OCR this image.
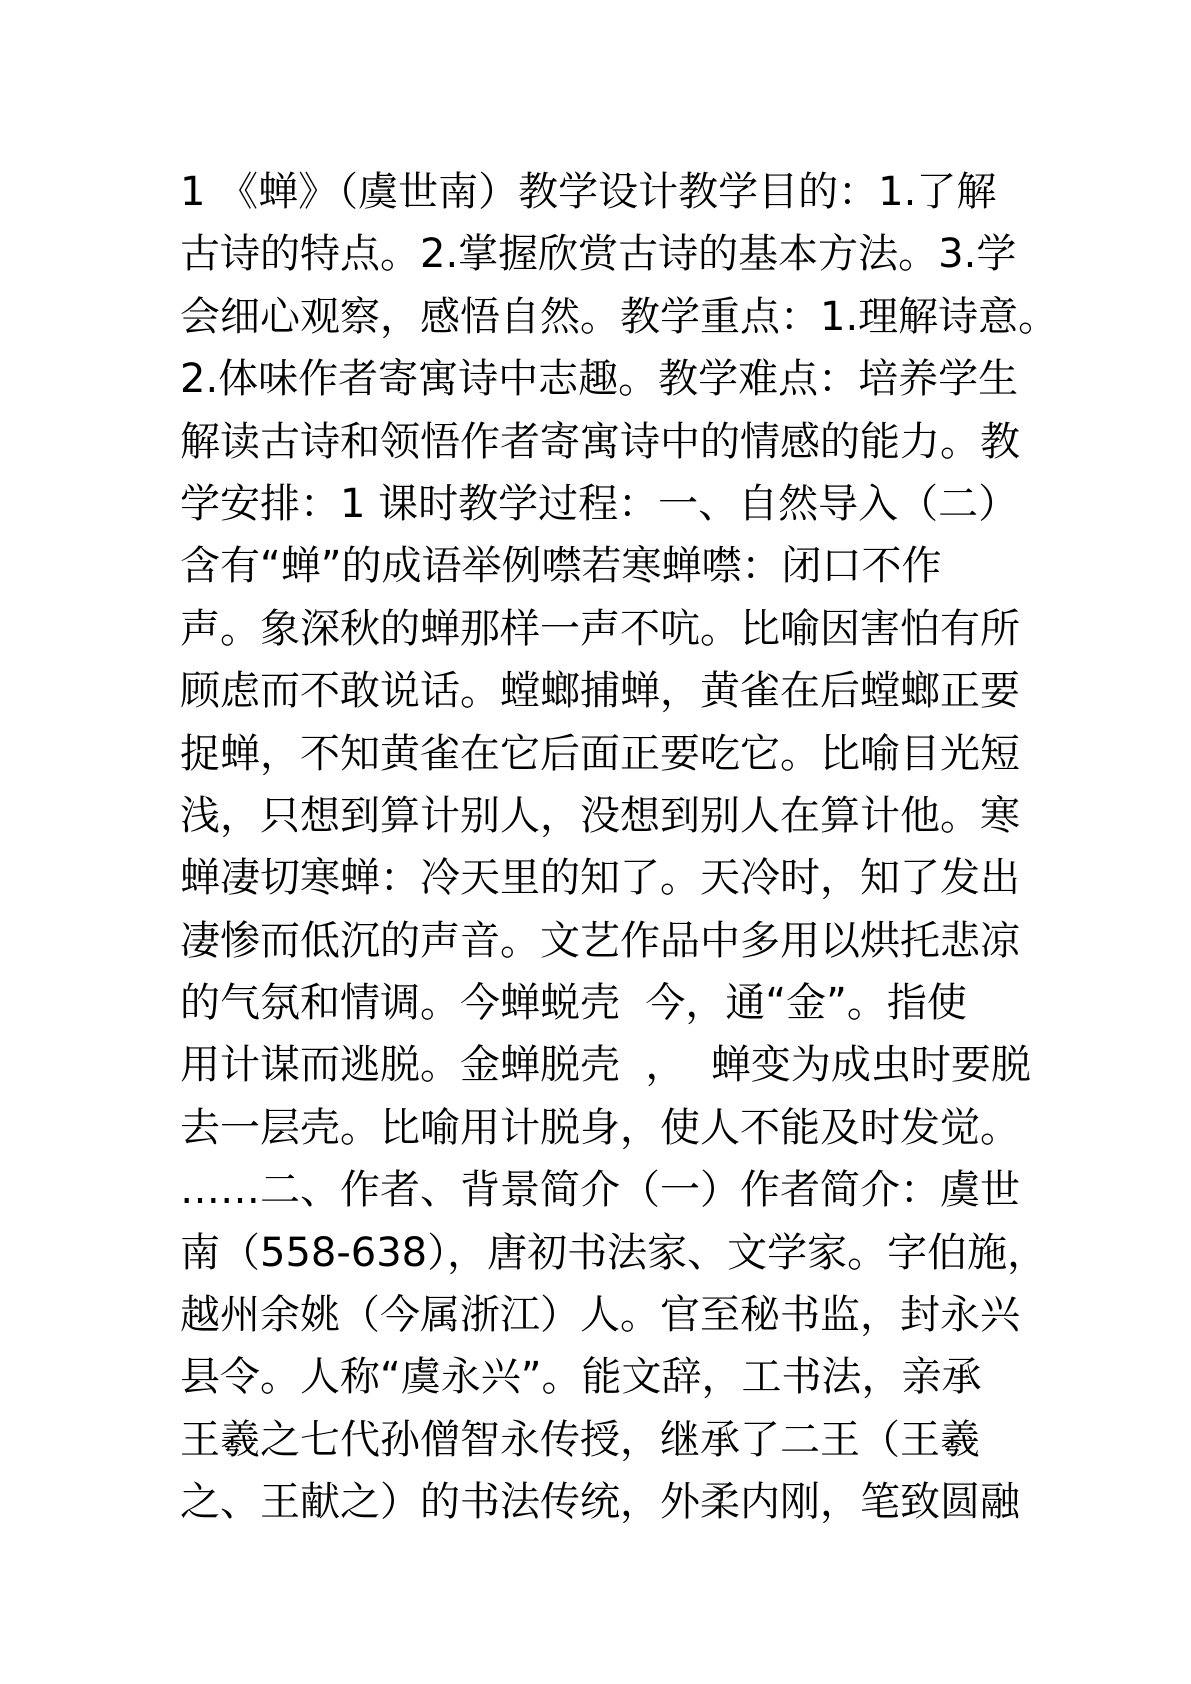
1 《蝉》（虞世南）教学设计教学目的：1.了解
古诗的特点。2.掌握欣赏古诗的基本方法。3.学
会细心观察，感悟自然。教学重点：1.理解诗意。
2.体味作者寄寓诗中志趣。教学难点：培养学生
解读古诗和领悟作者寄寓诗中的情感的能力。教
学安排：1 课时教学过程：一、自然导入（二）
含有“蝉”的成语举例噤若寒蝉噤：闭口不作
声。象深秋的蝉那样一声不吭。比喻因害怕有所
顾虑而不敢说话。螳螂捕蝉，黄雀在后螳螂正要
捉蝉，不知黄雀在它后面正要吃它。比喻目光短
浅，只想到算计别人，没想到别人在算计他。寒
蝉凄切寒蝉：冷天里的知了。天冷时，知了发出
凄惨而低沉的声音。文艺作品中多用以烘托悲凉
的气氛和情调。今蝉蜕壳  今，通“金”。指使
用计谋而逃脱。金蝉脱壳  ，  蝉变为成虫时要脱
去一层壳。比喻用计脱身，使人不能及时发觉。
……二、作者、背景简介（一）作者简介：虞世
南（558-638），唐初书法家、文学家。字伯施，
越州余姚（今属浙江）人。官至秘书监，封永兴
县令。人称“虞永兴”。能文辞，工书法，亲承
王羲之七代孙僧智永传授，继承了二王（王羲
之、王献之）的书法传统，外柔内刚，笔致圆融
